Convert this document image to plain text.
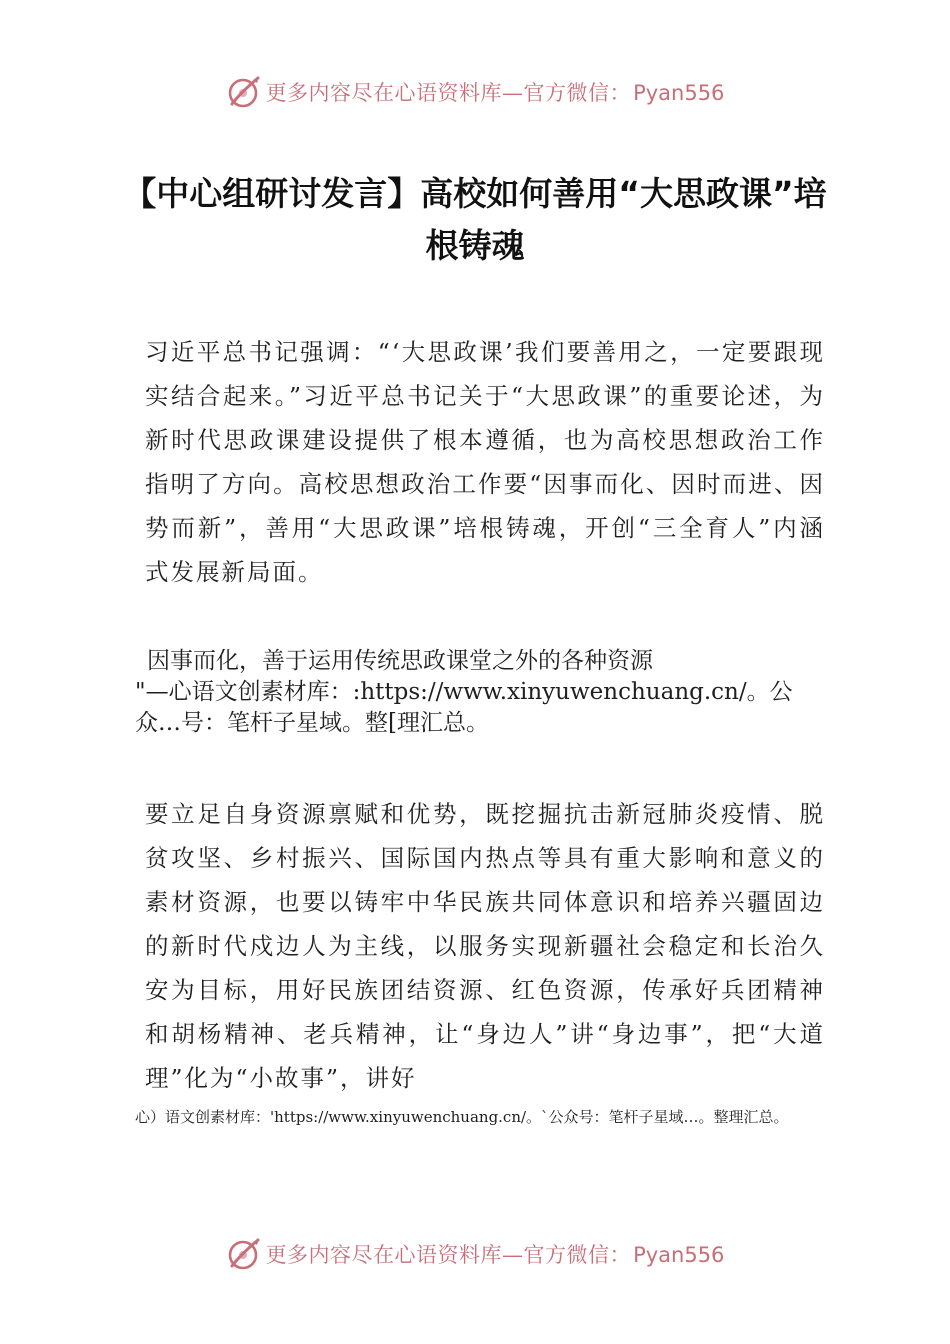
更多内容尽在心语资料库—官方微信：Pyan556
【中心组研讨发言】高校如何善用“大思政课”培根铸魂

习近平总书记强调：“‘大思政课’我们要善用之，一定要跟现实结合起来。”习近平总书记关于“大思政课”的重要论述，为新时代思政课建设提供了根本遵循，也为高校思想政治工作指明了方向。高校思想政治工作要“因事而化、因时而进、因势而新”，善用“大思政课”培根铸魂，开创“三全育人”内涵式发展新局面。

因事而化，善于运用传统思政课堂之外的各种资源
"—心语文创素材库：:https://www.xinyuwenchuang.cn/。公众…号：笔杆子星域。整[理汇总。

要立足自身资源禀赋和优势，既挖掘抗击新冠肺炎疫情、脱贫攻坚、乡村振兴、国际国内热点等具有重大影响和意义的素材资源，也要以铸牢中华民族共同体意识和培养兴疆固边的新时代戍边人为主线，以服务实现新疆社会稳定和长治久安为目标，用好民族团结资源、红色资源，传承好兵团精神和胡杨精神、老兵精神，让“身边人”讲“身边事”，把“大道理”化为“小故事”，讲好

心）语文创素材库：'https://www.xinyuwenchuang.cn/。`公众号：笔杆子星域…。整理汇总。

更多内容尽在心语资料库—官方微信：Pyan556
